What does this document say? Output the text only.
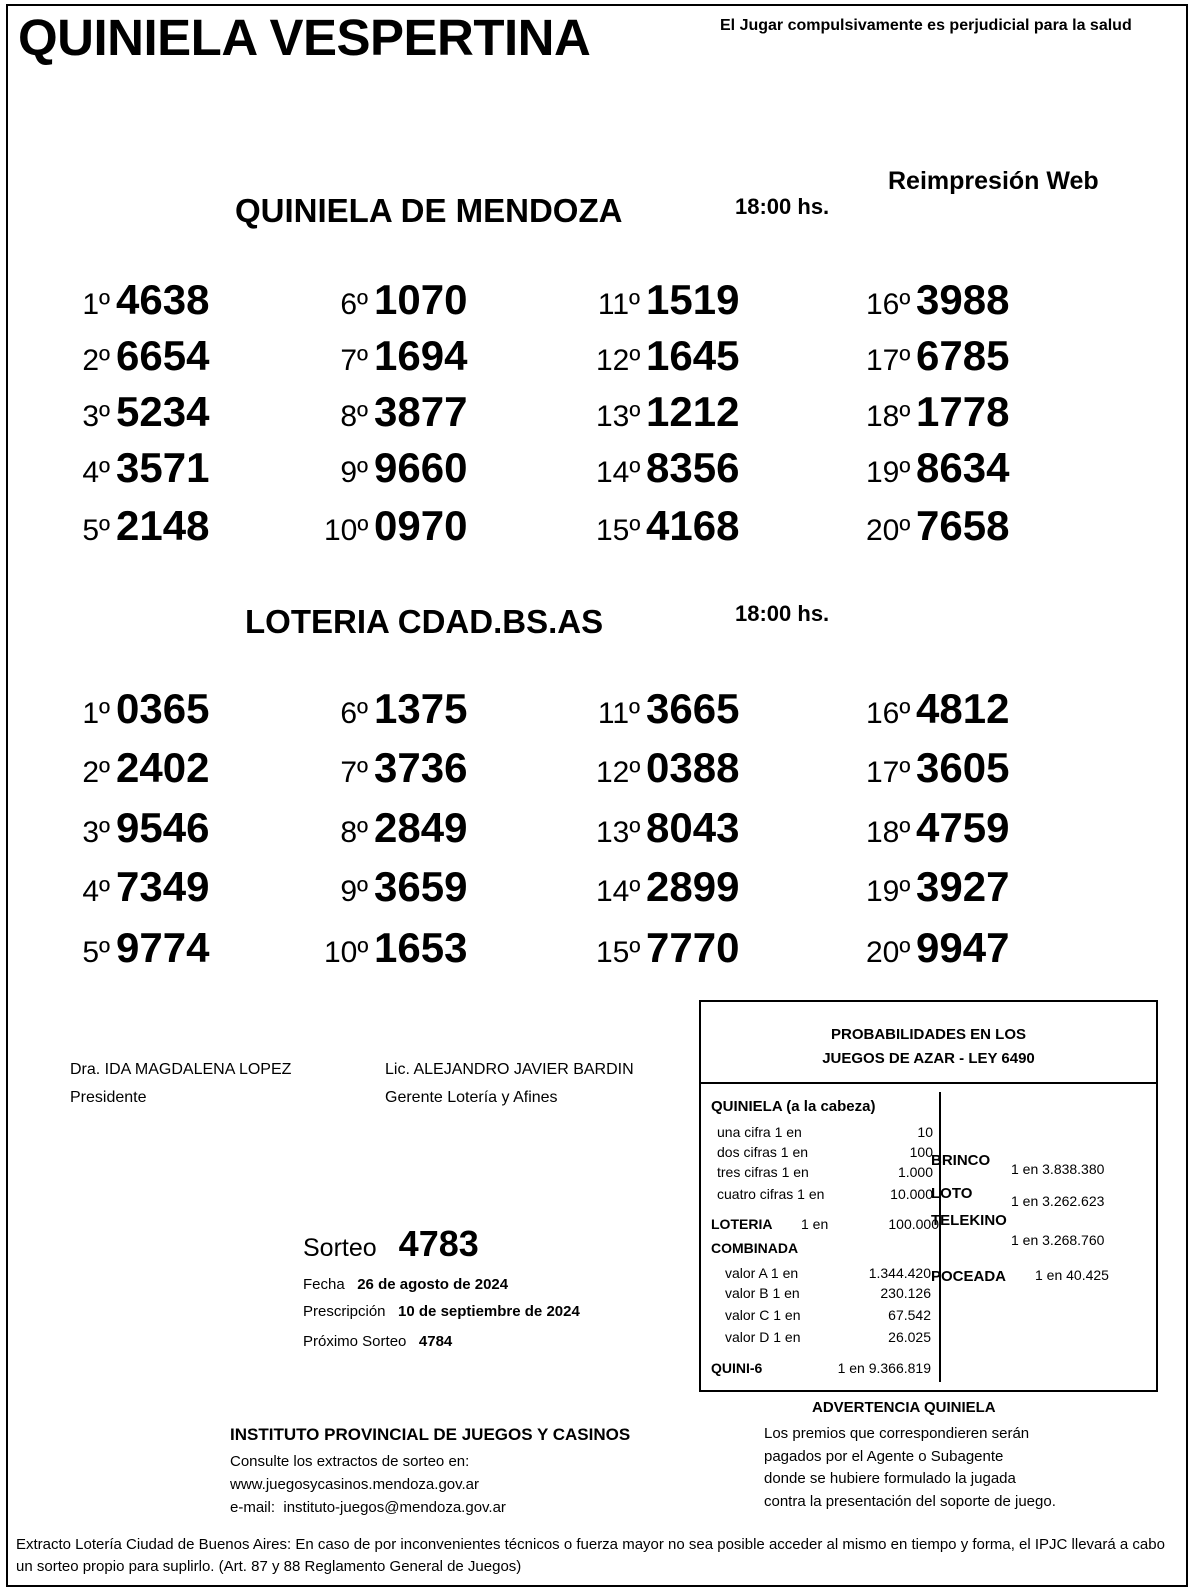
QUINIELA VESPERTINA	El Jugar compulsivamente es perjudicial para la salud
Reimpresión Web
QUINIELA DE MENDOZA	18:00 hs.
1º 4638
2º 6654
3º 5234
4º 3571
5º 2148
6º 1070
7º 1694
8º 3877
9º 9660
10º 0970
11º 1519
12º 1645
13º 1212
14º 8356
15º 4168
16º 3988
17º 6785
18º 1778
19º 8634
20º 7658
LOTERIA CDAD.BS.AS	18:00 hs.
1º 0365
2º 2402
3º 9546
4º 7349
5º 9774
6º 1375
7º 3736
8º 2849
9º 3659
10º 1653
11º 3665
12º 0388
13º 8043
14º 2899
15º 7770
16º 4812
17º 3605
18º 4759
19º 3927
20º 9947
Dra. IDA MAGDALENA LOPEZ
Presidente
Lic. ALEJANDRO JAVIER BARDIN
Gerente Lotería y Afines
Sorteo 4783
Fecha 26 de agosto de 2024
Prescripción 10 de septiembre de 2024
Próximo Sorteo 4784
PROBABILIDADES EN LOS
JUEGOS DE AZAR - LEY 6490
QUINIELA (a la cabeza)
una cifra 1 en	10
dos cifras 1 en	100
tres cifras 1 en	1.000
cuatro cifras 1 en	10.000
LOTERIA 1 en	100.000
COMBINADA
valor A 1 en	1.344.420
valor B 1 en	230.126
valor C 1 en	67.542
valor D 1 en	26.025
QUINI-6	1 en 9.366.819
BRINCO 1 en 3.838.380
LOTO	1 en 3.262.623
TELEKINO
1 en 3.268.760
POCEADA 1 en 40.425
ADVERTENCIA QUINIELA
Los premios que correspondieren serán
pagados por el Agente o Subagente
donde se hubiere formulado la jugada
contra la presentación del soporte de juego.
INSTITUTO PROVINCIAL DE JUEGOS Y CASINOS
Consulte los extractos de sorteo en:
www.juegosycasinos.mendoza.gov.ar
e-mail: instituto-juegos@mendoza.gov.ar
Extracto Lotería Ciudad de Buenos Aires: En caso de por inconvenientes técnicos o fuerza mayor no sea posible acceder al mismo en tiempo y forma, el IPJC llevará a cabo un sorteo propio para suplirlo. (Art. 87 y 88 Reglamento General de Juegos)
